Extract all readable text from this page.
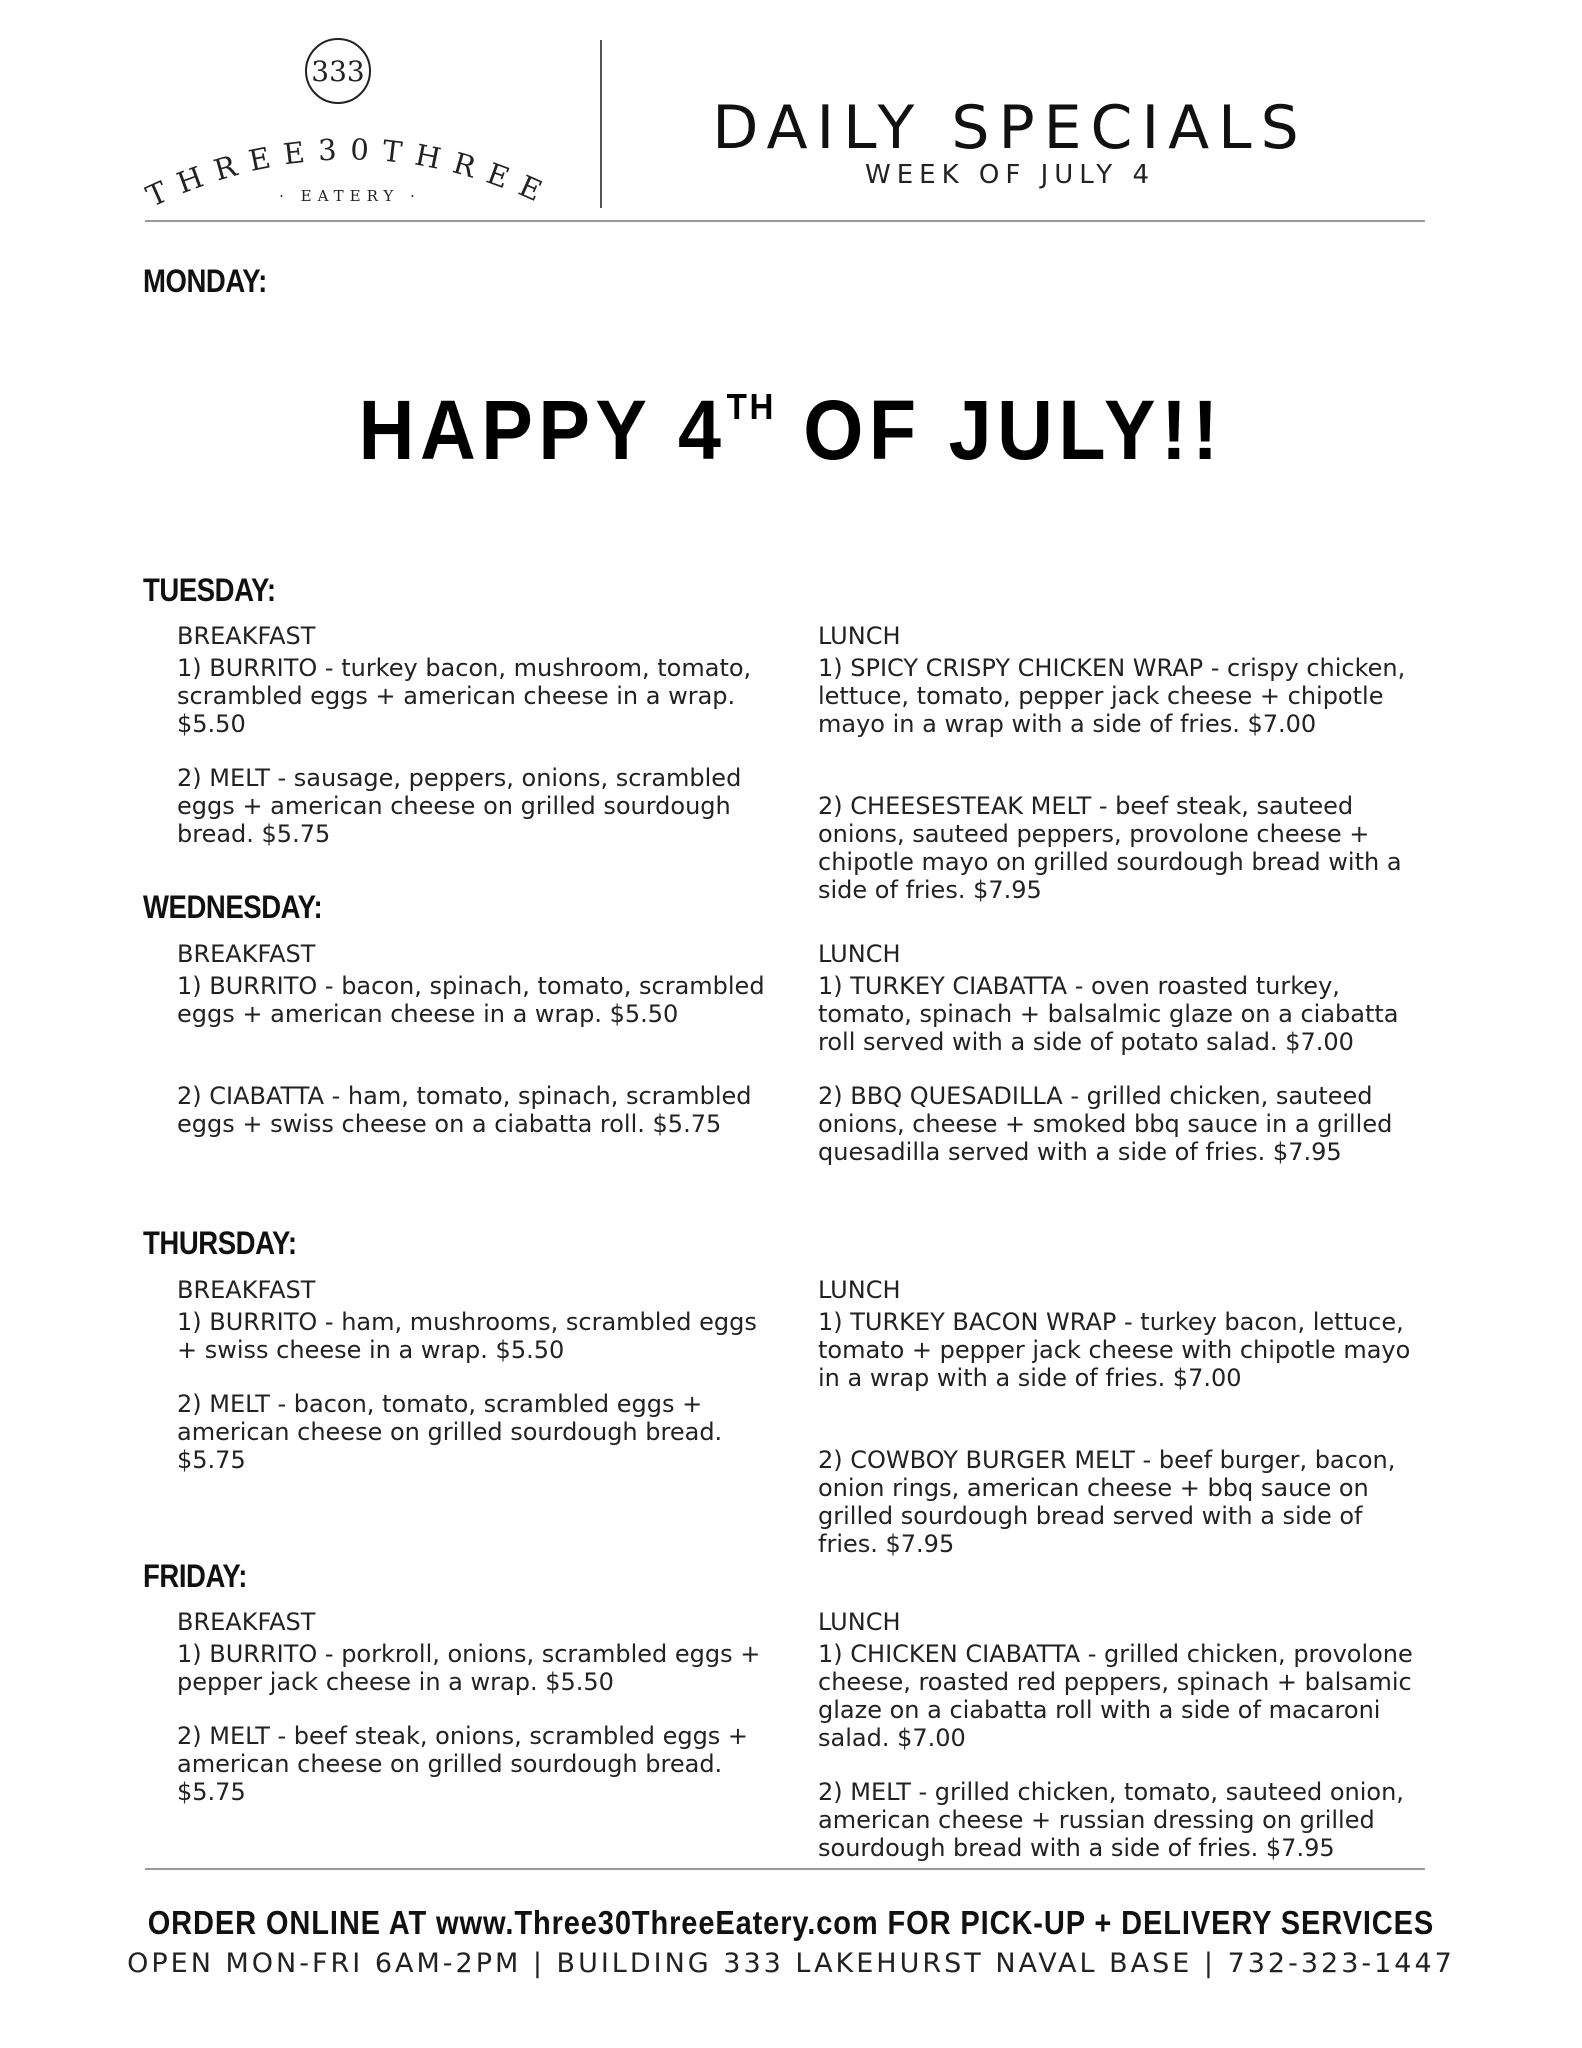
333
THREE30THREE
· EATERY ·
DAILY SPECIALS
WEEK OF JULY 4
MONDAY:
HAPPY 4TH OF JULY!!
TUESDAY:
BREAKFAST
1) BURRITO - turkey bacon, mushroom, tomato, scrambled eggs + american cheese in a wrap. $5.50
2) MELT - sausage, peppers, onions, scrambled eggs + american cheese on grilled sourdough bread. $5.75
LUNCH
1) SPICY CRISPY CHICKEN WRAP - crispy chicken, lettuce, tomato, pepper jack cheese + chipotle mayo in a wrap with a side of fries. $7.00
2) CHEESESTEAK MELT - beef steak, sauteed onions, sauteed peppers, provolone cheese + chipotle mayo on grilled sourdough bread with a side of fries. $7.95
WEDNESDAY:
BREAKFAST
1) BURRITO - bacon, spinach, tomato, scrambled eggs + american cheese in a wrap. $5.50
2) CIABATTA - ham, tomato, spinach, scrambled eggs + swiss cheese on a ciabatta roll. $5.75
LUNCH
1) TURKEY CIABATTA - oven roasted turkey, tomato, spinach + balsalmic glaze on a ciabatta roll served with a side of potato salad. $7.00
2) BBQ QUESADILLA - grilled chicken, sauteed onions, cheese + smoked bbq sauce in a grilled quesadilla served with a side of fries. $7.95
THURSDAY:
BREAKFAST
1) BURRITO - ham, mushrooms, scrambled eggs + swiss cheese in a wrap. $5.50
2) MELT - bacon, tomato, scrambled eggs + american cheese on grilled sourdough bread. $5.75
LUNCH
1) TURKEY BACON WRAP - turkey bacon, lettuce, tomato + pepper jack cheese with chipotle mayo in a wrap with a side of fries. $7.00
2) COWBOY BURGER MELT - beef burger, bacon, onion rings, american cheese + bbq sauce on grilled sourdough bread served with a side of fries. $7.95
FRIDAY:
BREAKFAST
1) BURRITO - porkroll, onions, scrambled eggs + pepper jack cheese in a wrap. $5.50
2) MELT - beef steak, onions, scrambled eggs + american cheese on grilled sourdough bread. $5.75
LUNCH
1) CHICKEN CIABATTA - grilled chicken, provolone cheese, roasted red peppers, spinach + balsamic glaze on a ciabatta roll with a side of macaroni salad. $7.00
2) MELT - grilled chicken, tomato, sauteed onion, american cheese + russian dressing on grilled sourdough bread with a side of fries. $7.95
ORDER ONLINE AT www.Three30ThreeEatery.com FOR PICK-UP + DELIVERY SERVICES
OPEN MON-FRI 6AM-2PM | BUILDING 333 LAKEHURST NAVAL BASE | 732-323-1447
